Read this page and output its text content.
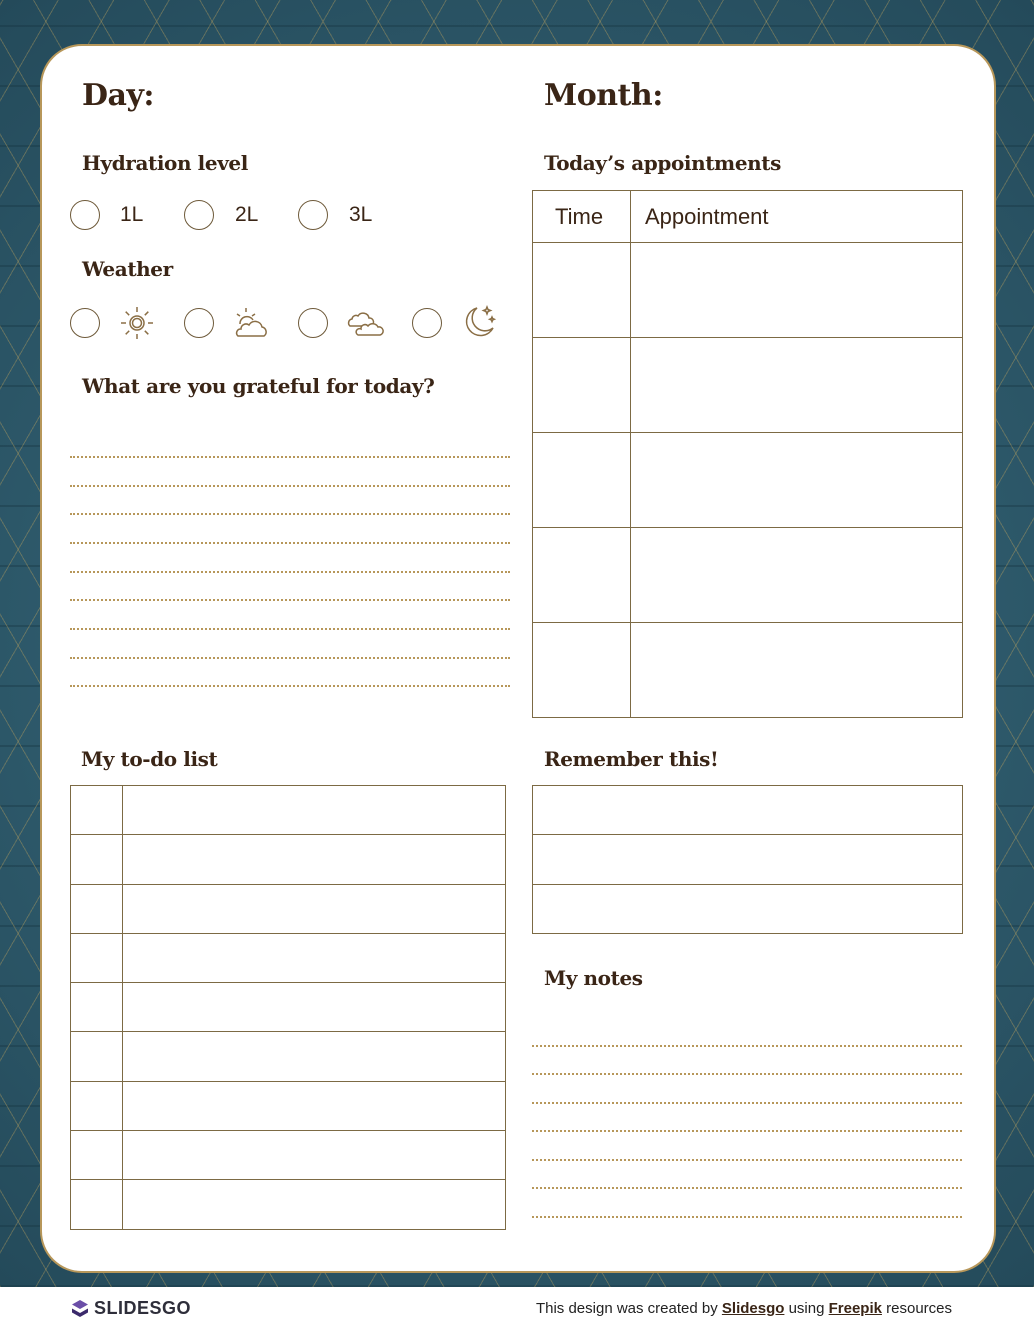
Day:	Month:
Hydration level
1L	2L	3L
Weather
What are you grateful for today?
Today’s appointments
Time	Appointment

My to-do list

		Remember this!

My notes
SLIDESGO	This design was created by Slidesgo using Freepik resources
